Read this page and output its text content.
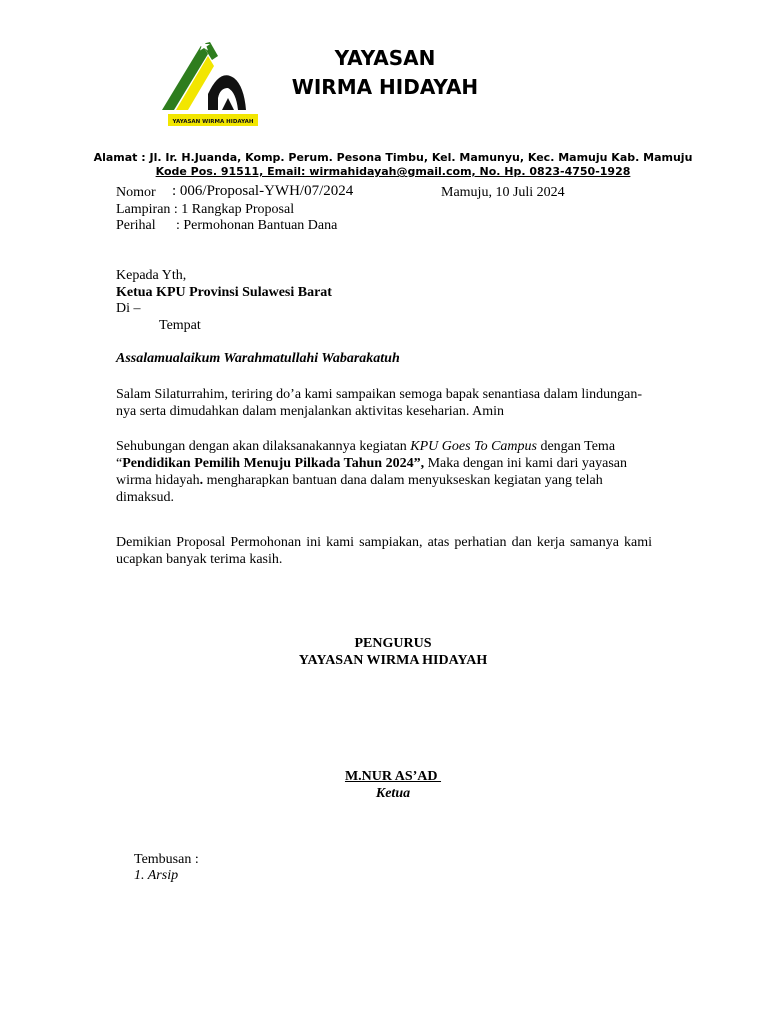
YAYASAN WIRMA HIDAYAH
YAYASAN
WIRMA HIDAYAH
Alamat : Jl. Ir. H.Juanda, Komp. Perum. Pesona Timbu, Kel. Mamunyu, Kec. Mamuju Kab. Mamuju
Kode Pos. 91511, Email: wirmahidayah@gmail.com, No. Hp. 0823-4750-1928
Nomor : 006/Proposal-YWH/07/2024	Mamuju, 10 Juli 2024
Lampiran : 1 Rangkap Proposal
Perihal : Permohonan Bantuan Dana
Kepada Yth,
Ketua KPU Provinsi Sulawesi Barat
Di –
Tempat
Assalamualaikum Warahmatullahi Wabarakatuh
Salam Silaturrahim, teriring do’a kami sampaikan semoga bapak senantiasa dalam lindungan-nya serta dimudahkan dalam menjalankan aktivitas keseharian. Amin
Sehubungan dengan akan dilaksanakannya kegiatan KPU Goes To Campus dengan Tema “Pendidikan Pemilih Menuju Pilkada Tahun 2024”, Maka dengan ini kami dari yayasan wirma hidayah. mengharapkan bantuan dana dalam menyukseskan kegiatan yang telah dimaksud.
Demikian Proposal Permohonan ini kami sampiakan, atas perhatian dan kerja samanya kami ucapkan banyak terima kasih.
PENGURUS
YAYASAN WIRMA HIDAYAH
M.NUR AS’AD
Ketua
Tembusan :
1. Arsip
